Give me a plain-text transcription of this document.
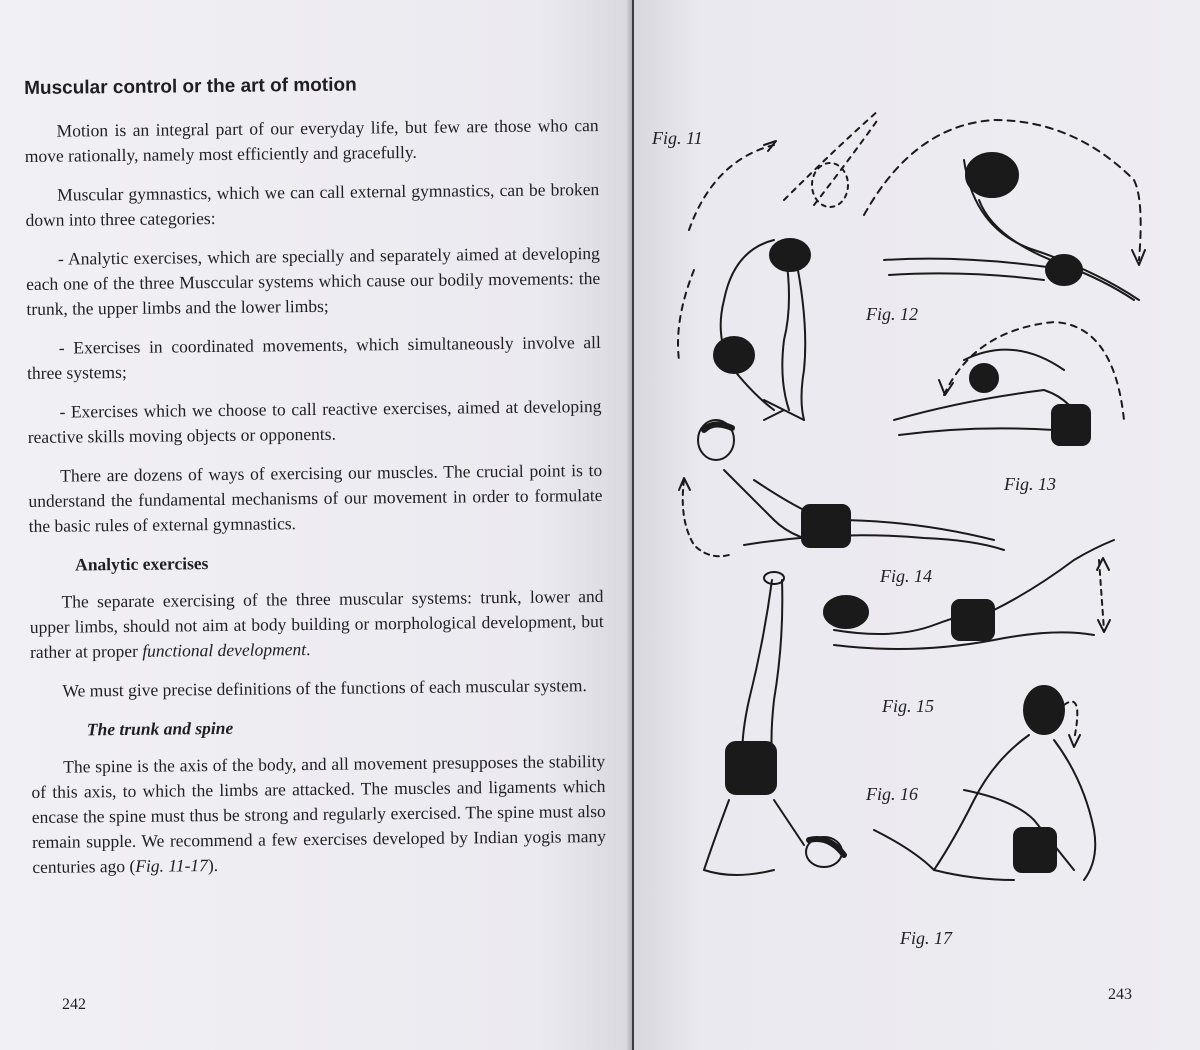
Muscular control or the art of motion

Motion is an integral part of our everyday life, but few are those who can move rationally, namely most efficiently and gracefully.

Muscular gymnastics, which we can call external gymnastics, can be broken down into three categories:

- Analytic exercises, which are specially and separately aimed at developing each one of the three Musccular systems which cause our bodily movements: the trunk, the upper limbs and the lower limbs;

- Exercises in coordinated movements, which simultaneously involve all three systems;

- Exercises which we choose to call reactive exercises, aimed at developing reactive skills moving objects or opponents.

There are dozens of ways of exercising our muscles. The crucial point is to understand the fundamental mechanisms of our movement in order to formulate the basic rules of external gymnastics.

Analytic exercises

The separate exercising of the three muscular systems: trunk, lower and upper limbs, should not aim at body building or morphological development, but rather at proper functional development.

We must give precise definitions of the functions of each muscular system.

The trunk and spine

The spine is the axis of the body, and all movement presupposes the stability of this axis, to which the limbs are attacked. The muscles and ligaments which encase the spine must thus be strong and regularly exercised. The spine must also remain supple. We recommend a few exercises developed by Indian yogis many centuries ago (Fig. 11-17).

242
Fig. 11
Fig. 12
Fig. 13
Fig. 14
Fig. 15
Fig. 16
Fig. 17
243
